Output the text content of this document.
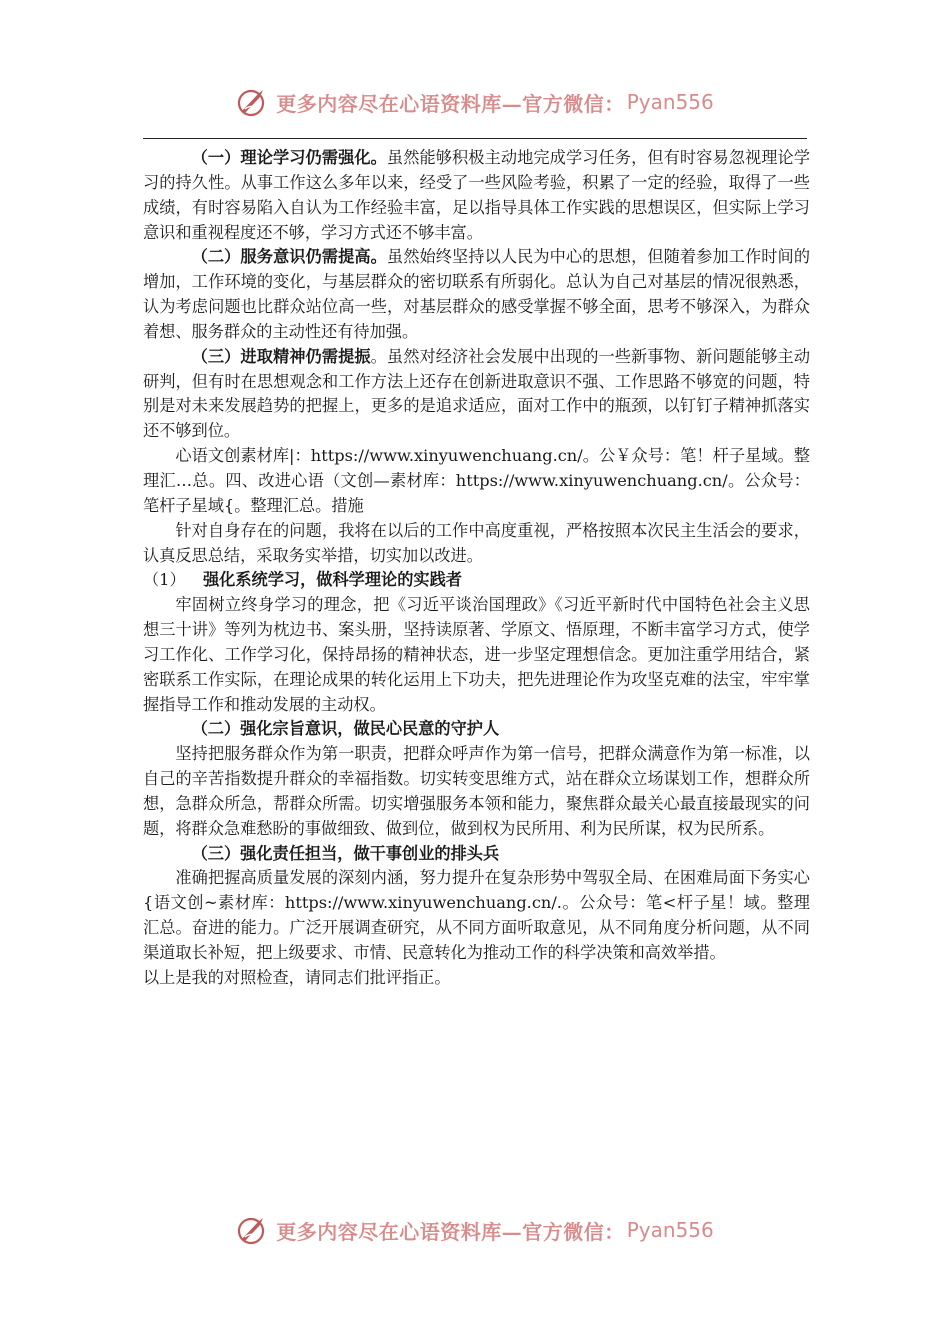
更多内容尽在心语资料库—官方微信： Pyan556

（一）理论学习仍需强化。虽然能够积极主动地完成学习任务，但有时容易忽视理论学习的持久性。从事工作这么多年以来，经受了一些风险考验，积累了一定的经验，取得了一些成绩，有时容易陷入自认为工作经验丰富，足以指导具体工作实践的思想误区，但实际上学习意识和重视程度还不够，学习方式还不够丰富。

（二）服务意识仍需提高。虽然始终坚持以人民为中心的思想，但随着参加工作时间的增加，工作环境的变化，与基层群众的密切联系有所弱化。总认为自己对基层的情况很熟悉，认为考虑问题也比群众站位高一些，对基层群众的感受掌握不够全面，思考不够深入，为群众着想、服务群众的主动性还有待加强。

（三）进取精神仍需提振。虽然对经济社会发展中出现的一些新事物、新问题能够主动研判，但有时在思想观念和工作方法上还存在创新进取意识不强、工作思路不够宽的问题，特别是对未来发展趋势的把握上，更多的是追求适应，面对工作中的瓶颈，以钉钉子精神抓落实还不够到位。

心语文创素材库|：https://www.xinyuwenchuang.cn/。公￥众号：笔！杆子星域。整理汇…总。四、改进心语（文创—素材库：https://www.xinyuwenchuang.cn/。公众号：笔杆子星域{。整理汇总。措施

针对自身存在的问题，我将在以后的工作中高度重视，严格按照本次民主生活会的要求，认真反思总结，采取务实举措，切实加以改进。

（1） 强化系统学习，做科学理论的实践者

牢固树立终身学习的理念，把《习近平谈治国理政》《习近平新时代中国特色社会主义思想三十讲》等列为枕边书、案头册，坚持读原著、学原文、悟原理，不断丰富学习方式，使学习工作化、工作学习化，保持昂扬的精神状态，进一步坚定理想信念。更加注重学用结合，紧密联系工作实际，在理论成果的转化运用上下功夫，把先进理论作为攻坚克难的法宝，牢牢掌握指导工作和推动发展的主动权。

（二）强化宗旨意识，做民心民意的守护人

坚持把服务群众作为第一职责，把群众呼声作为第一信号，把群众满意作为第一标准，以自己的辛苦指数提升群众的幸福指数。切实转变思维方式，站在群众立场谋划工作，想群众所想，急群众所急，帮群众所需。切实增强服务本领和能力，聚焦群众最关心最直接最现实的问题，将群众急难愁盼的事做细致、做到位，做到权为民所用、利为民所谋，权为民所系。

（三）强化责任担当，做干事创业的排头兵

准确把握高质量发展的深刻内涵，努力提升在复杂形势中驾驭全局、在困难局面下务实心{语文创~素材库：https://www.xinyuwenchuang.cn/.。公众号：笔<杆子星！域。整理汇总。奋进的能力。广泛开展调查研究，从不同方面听取意见，从不同角度分析问题，从不同渠道取长补短，把上级要求、市情、民意转化为推动工作的科学决策和高效举措。

以上是我的对照检查，请同志们批评指正。

更多内容尽在心语资料库—官方微信： Pyan556
